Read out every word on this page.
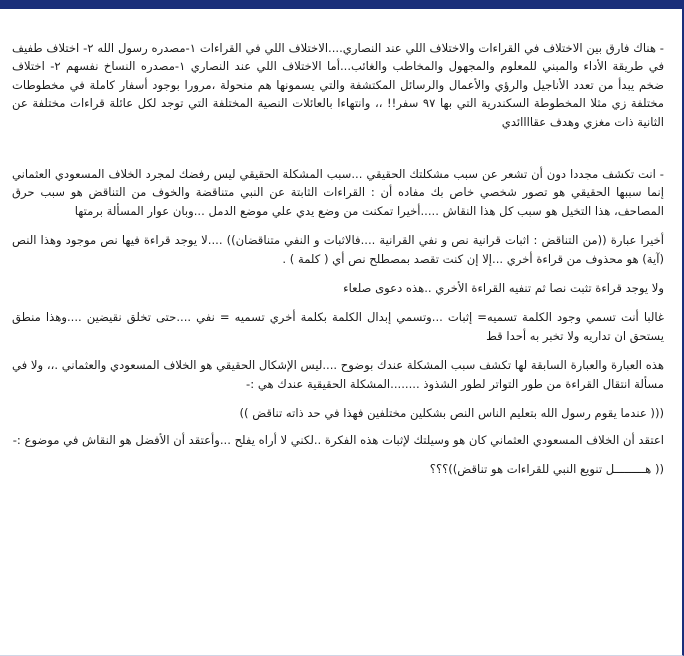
- هناك فارق بين الاختلاف في القراءات والاختلاف اللي عند النصاري....الاختلاف اللي في القراءات ١-مصدره رسول الله ٢- اختلاف طفيف في طريقة الأداء والمبني للمعلوم والمجهول والمخاطب والغائب...أما الاختلاف اللي عند النصاري ١-مصدره النساخ نفسهم ٢- اختلاف ضخم يبدأ من تعدد الأناجيل والرؤي والأعمال والرسائل المكتشفة والتي يسمونها هم منحولة ،مرورا بوجود أسفار كاملة في مخطوطات مختلفة زي مثلا المخطوطة السكندرية التي بها ٩٧ سفر!! ،، وانتهاءا بالعائلات النصية المختلفة التي توجد لكل عائلة قراءات مختلفة عن الثانية ذات مغزي وهدف عقاااائدي

- انت تكشف مجددا دون أن تشعر عن سبب مشكلتك الحقيقي ...سبب المشكلة الحقيقي ليس رفضك لمجرد الخلاف المسعودي العثماني إنما سببها الحقيقي هو تصور شخصي خاص بك مفاده أن : القراءات الثابتة عن النبي متناقضة والخوف من التناقض هو سبب حرق المصاحف، هذا التخيل هو سبب كل هذا النقاش .....أخيرا تمكنت من وضع يدي علي موضع الدمل ...وبان عوار المسألة برمتها

أخيرا عبارة ((من التناقض : اثبات قرانية نص و نفي القرانية ....فالاثبات و النفي متناقضان)) ....لا يوجد قراءة فيها نص موجود وهذا النص (آية) هو محذوف من قراءة أخري ...إلا إن كنت تقصد بمصطلح نص أي ( كلمة ) .

ولا يوجد قراءة تثبت نصا ثم تنفيه القراءة الأخري ..هذه دعوى صلعاء

غالبا أنت تسمي وجود الكلمة تسميه= إثبات ...وتسمي إبدال الكلمة بكلمة أخري تسميه = نفي ....حتى تخلق نقيضين ....وهذا منطق يستحق ان تداريه ولا تخبر به أحدا قط

هذه العبارة والعبارة السابقة لها تكشف سبب المشكلة عندك بوضوح ....ليس الإشكال الحقيقي هو الخلاف المسعودي والعثماني .،، ولا في مسألة انتقال القراءة من طور التواتر لطور الشذوذ ........المشكلة الحقيقية عندك هي :-

((( عندما يقوم رسول الله بتعليم الناس النص بشكلين مختلفين فهذا في حد ذاته تناقض ))

اعتقد أن الخلاف المسعودي العثماني كان هو وسيلتك لإثبات هذه الفكرة ..لكني لا أراه يفلح ...وأعتقد أن الأفضل هو النقاش في موضوع :-

(( هـــــــــل تنويع النبي للقراءات هو تناقض))؟؟؟
